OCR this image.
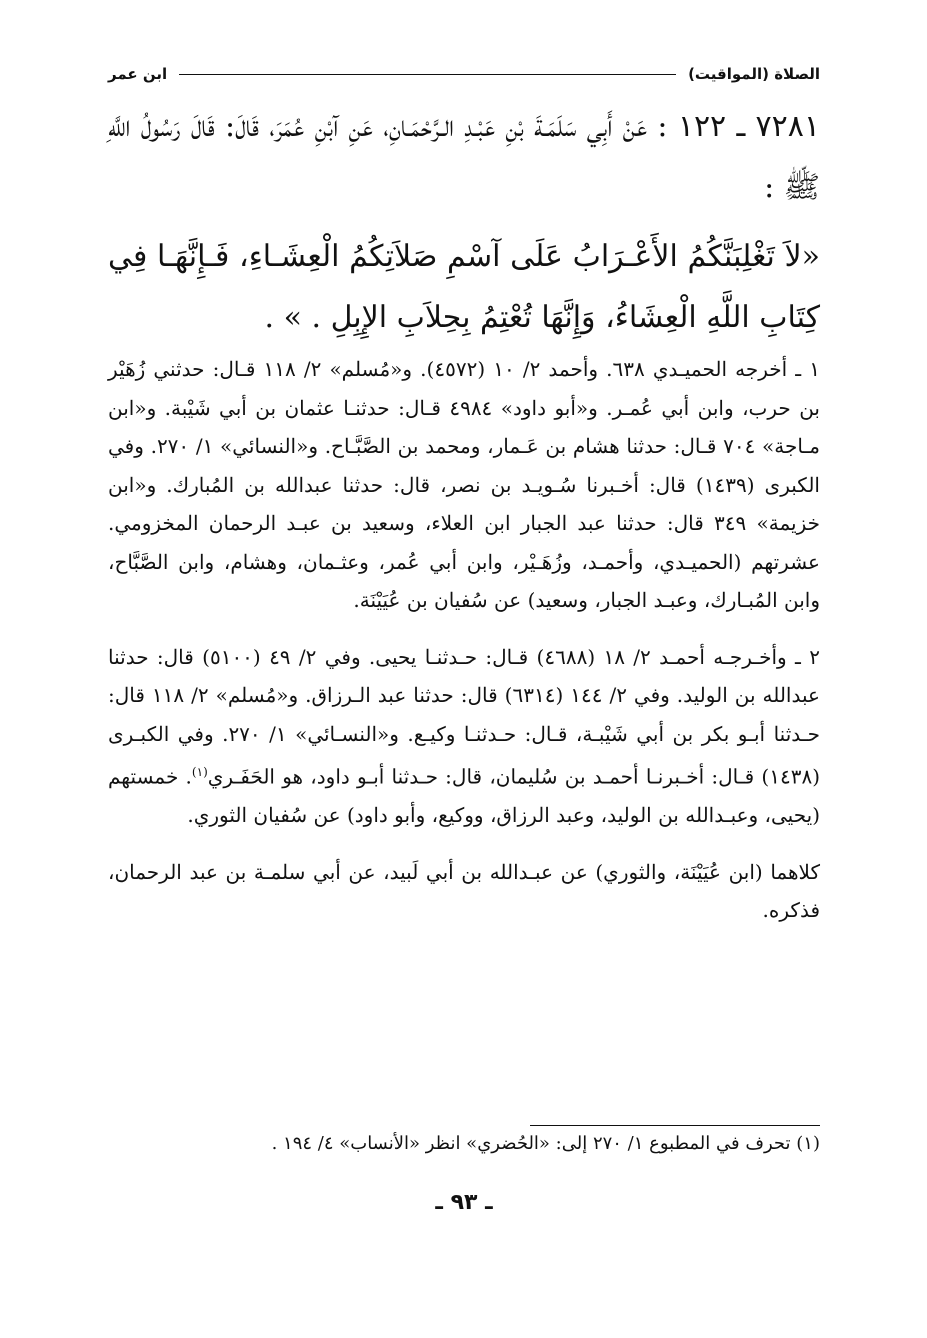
الصلاة (المواقيت)
ابن عمر

٧٢٨١ ـ ١٢٢ : عَنْ أَبِي سَلَمَـةَ بْنِ عَبْـدِ الـرَّحْمَـانِ، عَنِ آبْنِ عُمَرَ، قَالَ: قَالَ رَسُولُ اللَّهِ ﷺ :

«لاَ تَغْلِبَنَّكُمُ الأَعْـرَابُ عَلَى آسْمِ صَلاَتِكُمُ الْعِشَـاءِ، فَـإِنَّهَـا فِي كِتَابِ اللَّهِ الْعِشَاءُ، وَإِنَّهَا تُعْتِمُ بِحِلاَبِ الإِبِلِ . » .

١ ـ أخرجه الحميـدي ٦٣٨. وأحمد ٢/ ١٠ (٤٥٧٢). و«مُسلم» ٢/ ١١٨ قـال: حدثني زُهَيْر بن حرب، وابن أبي عُمـر. و«أبو داود» ٤٩٨٤ قـال: حدثنـا عثمان بن أبي شَيْبة. و«ابن مـاجة» ٧٠٤ قـال: حدثنا هشام بن عَـمار، ومحمد بن الصَّبَّـاح. و«النسائي» ١/ ٢٧٠. وفي الكبرى (١٤٣٩) قال: أخـبرنا سُـويـد بن نصر، قال: حدثنا عبدالله بن المُبارك. و«ابن خزيمة» ٣٤٩ قال: حدثنا عبد الجبار ابن العلاء، وسعيد بن عبـد الرحمان المخزومي. عشرتهم (الحميـدي، وأحمـد، وزُهَـيْر، وابن أبي عُمر، وعثـمان، وهشام، وابن الصَّبَّاح، وابن المُبـارك، وعبـد الجبار، وسعيد) عن سُفيان بن عُيَيْنَة.

٢ ـ وأخـرجـه أحمـد ٢/ ١٨ (٤٦٨٨) قـال: حـدثنـا يحيى. وفي ٢/ ٤٩ (٥١٠٠) قال: حدثنا عبدالله بن الوليد. وفي ٢/ ١٤٤ (٦٣١٤) قال: حدثنا عبد الـرزاق. و«مُسلم» ٢/ ١١٨ قال: حـدثنا أبـو بكر بن أبي شَيْبـة، قـال: حـدثنـا وكيـع. و«النسـائي» ١/ ٢٧٠. وفي الكبـرى (١٤٣٨) قـال: أخـبرنـا أحمـد بن سُليمان، قال: حـدثنا أبـو داود، هو الحَفَـري$^{(١)}$. خمستهم (يحيى، وعبـدالله بن الوليد، وعبد الرزاق، ووكيع، وأبو داود) عن سُفيان الثوري.

كلاهما (ابن عُيَيْنَة، والثوري) عن عبـدالله بن أبي لَبيد، عن أبي سلمـة بن عبد الرحمان، فذكره.

(١) تحرف في المطبوع ١/ ٢٧٠ إلى: «الحُضري» انظر «الأنساب» ٤/ ١٩٤ .

ـ ٩٣ ـ
